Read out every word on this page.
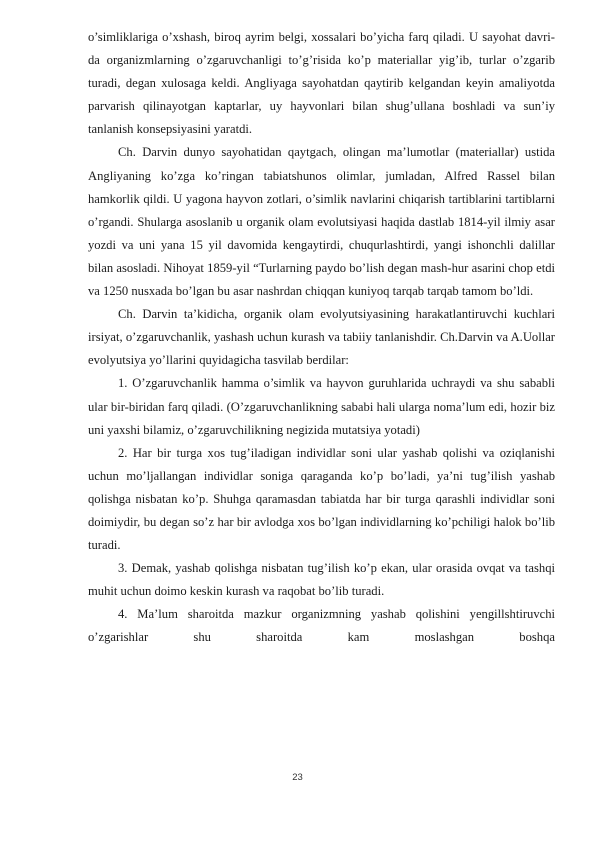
o’simliklariga o’xshash, biroq ayrim belgi, xossalari bo’yicha farq qiladi. U sayohat davri-da organizmlarning o’zgaruvchanligi to’g’risida ko’p materiallar yig’ib, turlar o’zgarib turadi, degan xulosaga keldi. Angliyaga sayohatdan qaytirib kelgandan keyin amaliyotda parvarish qilinayotgan kaptarlar, uy hayvonlari bilan shug’ullana boshladi va sun’iy tanlanish konsepsiyasini yaratdi.

Ch. Darvin dunyo sayohatidan qaytgach, olingan ma’lumotlar (materiallar) ustida Angliyaning ko’zga ko’ringan tabiatshunos olimlar, jumladan, Alfred Rassel bilan hamkorlik qildi. U yagona hayvon zotlari, o’simlik navlarini chiqarish tartiblarini tartiblarni o’rgandi. Shularga asoslanib u organik olam evolutsiyasi haqida dastlab 1814-yil ilmiy asar yozdi va uni yana 15 yil davomida kengaytirdi, chuqurlashtirdi, yangi ishonchli dalillar bilan asosladi. Nihoyat 1859-yil “Turlarning paydo bo’lish degan mash-hur asarini chop etdi va 1250 nusxada bo’lgan bu asar nashrdan chiqqan kuniyoq tarqab tarqab tamom bo’ldi.

Ch. Darvin ta’kidicha, organik olam evolyutsiyasining harakatlantiruvchi kuchlari irsiyat, o’zgaruvchanlik, yashash uchun kurash va tabiiy tanlanishdir. Ch.Darvin va A.Uollar evolyutsiya yo’llarini quyidagicha tasvilab berdilar:

1. O’zgaruvchanlik hamma o’simlik va hayvon guruhlarida uchraydi va shu sababli ular bir-biridan farq qiladi. (O’zgaruvchanlikning sababi hali ularga noma’lum edi, hozir biz uni yaxshi bilamiz, o’zgaruvchilikning negizida mutatsiya yotadi)

2. Har bir turga xos tug’iladigan individlar soni ular yashab qolishi va oziqlanishi uchun mo’ljallangan individlar soniga qaraganda ko’p bo’ladi, ya’ni tug’ilish yashab qolishga nisbatan ko’p. Shuhga qaramasdan tabiatda har bir turga qarashli individlar soni doimiydir, bu degan so’z har bir avlodga xos bo’lgan individlarning ko’pchiligi halok bo’lib turadi.

3. Demak, yashab qolishga nisbatan tug’ilish ko’p ekan, ular orasida ovqat va tashqi muhit uchun doimo keskin kurash va raqobat bo’lib turadi.

4. Ma’lum sharoitda mazkur organizmning yashab qolishini yengillshtiruvchi o’zgarishlar shu sharoitda kam moslashgan boshqa

23
